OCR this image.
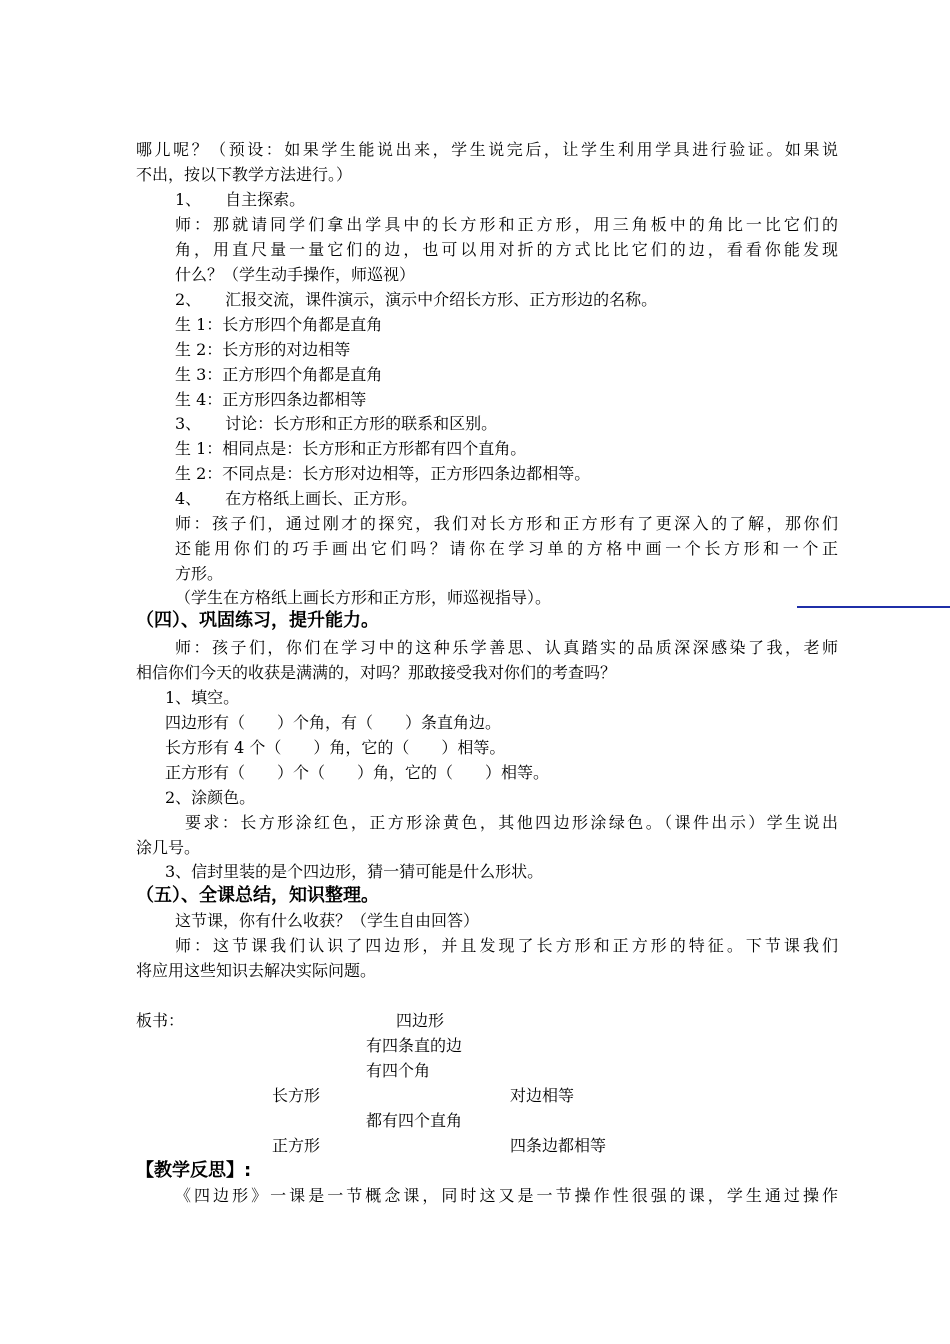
哪儿呢？（预设：如果学生能说出来，学生说完后，让学生利用学具进行验证。如果说
不出，按以下教学方法进行。）
1、　　自主探索。
师：那就请同学们拿出学具中的长方形和正方形，用三角板中的角比一比它们的
角，用直尺量一量它们的边，也可以用对折的方式比比它们的边，看看你能发现
什么？（学生动手操作，师巡视）
2、　　汇报交流，课件演示，演示中介绍长方形、正方形边的名称。
生 1：长方形四个角都是直角
生 2：长方形的对边相等
生 3：正方形四个角都是直角
生 4：正方形四条边都相等
3、　　讨论：长方形和正方形的联系和区别。
生 1：相同点是：长方形和正方形都有四个直角。
生 2：不同点是：长方形对边相等，正方形四条边都相等。
4、　　在方格纸上画长、正方形。
师：孩子们，通过刚才的探究，我们对长方形和正方形有了更深入的了解，那你们
还能用你们的巧手画出它们吗？请你在学习单的方格中画一个长方形和一个正
方形。
（学生在方格纸上画长方形和正方形，师巡视指导）。
（四）、巩固练习，提升能力。
师：孩子们，你们在学习中的这种乐学善思、认真踏实的品质深深感染了我，老师
相信你们今天的收获是满满的，对吗？那敢接受我对你们的考查吗？
1、填空。
四边形有（　　）个角，有（　　）条直角边。
长方形有 4 个（　　）角，它的（　　）相等。
正方形有（　　）个（　　）角，它的（　　）相等。
2、涂颜色。
要求：长方形涂红色，正方形涂黄色，其他四边形涂绿色。（课件出示）学生说出
涂几号。
3、信封里装的是个四边形，猜一猜可能是什么形状。
（五）、全课总结，知识整理。
这节课，你有什么收获？（学生自由回答）
师：这节课我们认识了四边形，并且发现了长方形和正方形的特征。下节课我们
将应用这些知识去解决实际问题。
板书：	四边形
有四条直的边
有四个角
长方形	对边相等
都有四个直角
正方形	四条边都相等
【教学反思】:
《四边形》一课是一节概念课，同时这又是一节操作性很强的课，学生通过操作
